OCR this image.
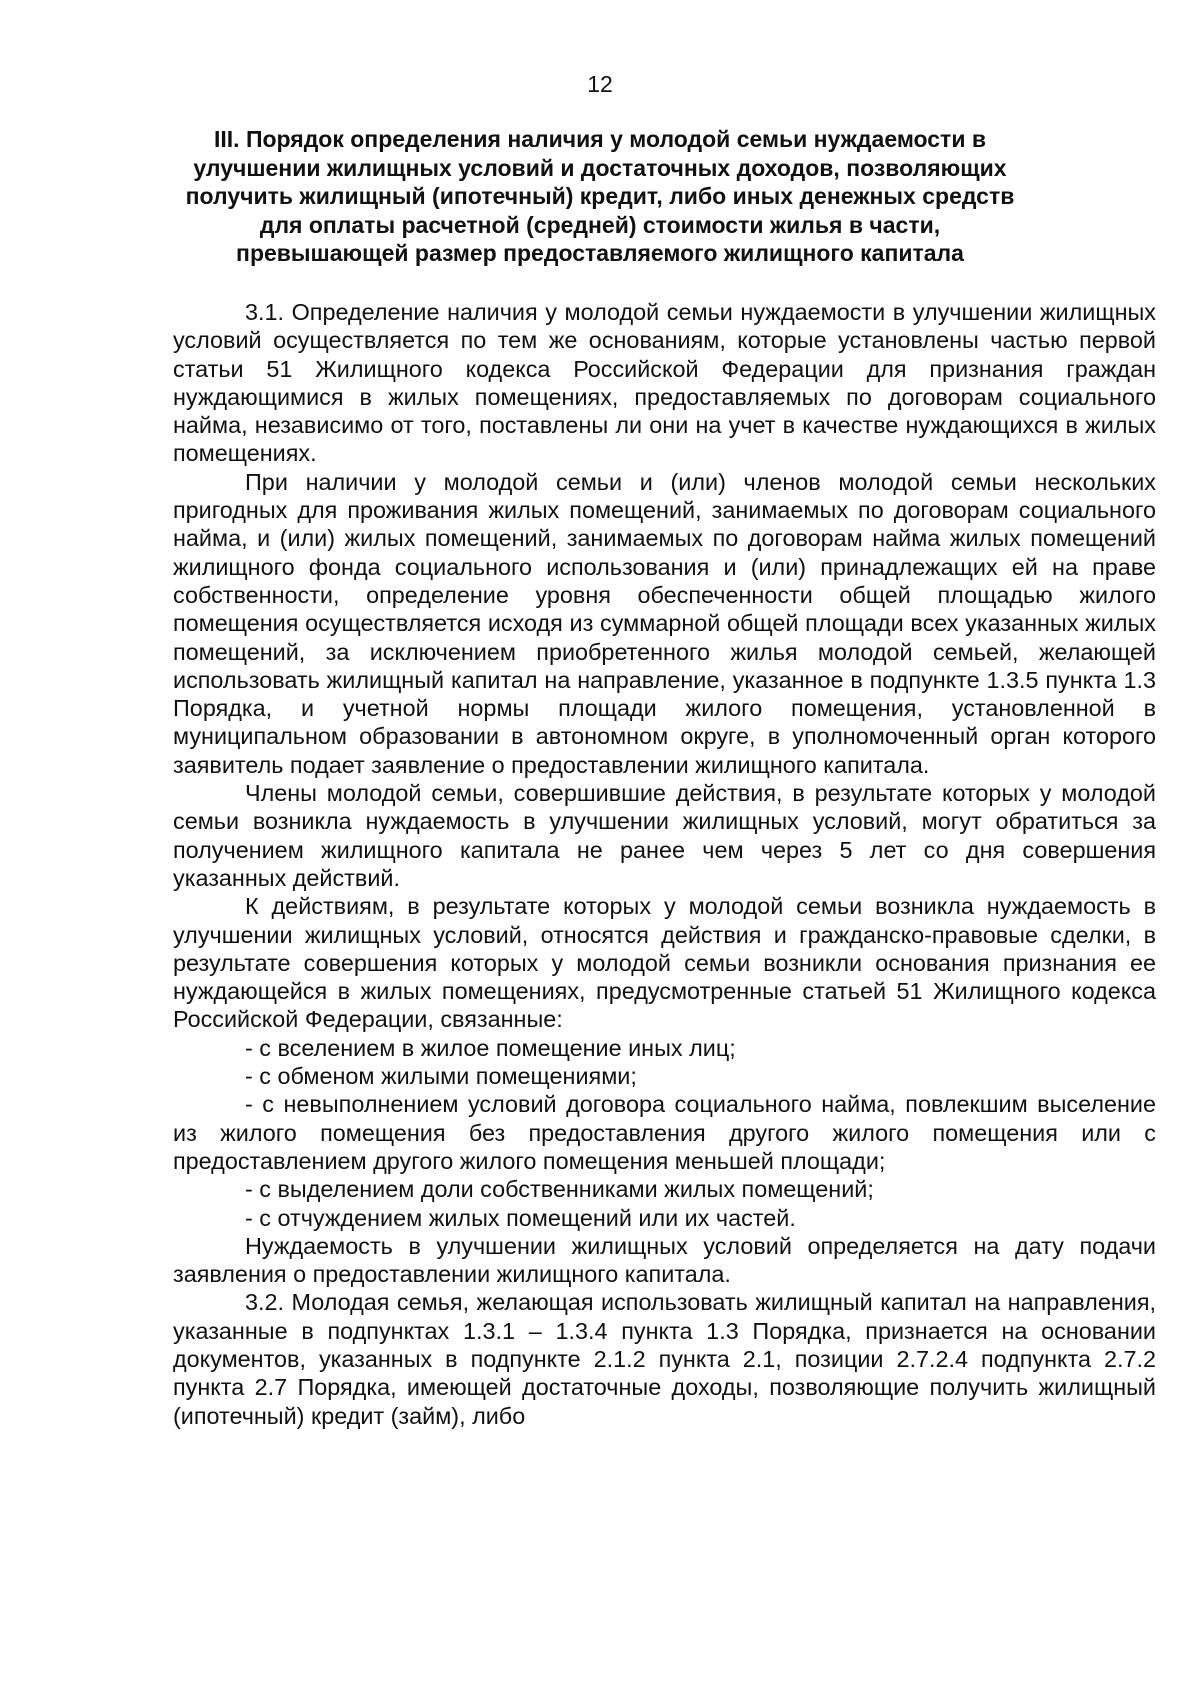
12
III. Порядок определения наличия у молодой семьи нуждаемости в
улучшении жилищных условий и достаточных доходов, позволяющих
получить жилищный (ипотечный) кредит, либо иных денежных средств
для оплаты расчетной (средней) стоимости жилья в части,
превышающей размер предоставляемого жилищного капитала

3.1. Определение наличия у молодой семьи нуждаемости в улучшении жилищных условий осуществляется по тем же основаниям, которые установлены частью первой статьи 51 Жилищного кодекса Российской Федерации для признания граждан нуждающимися в жилых помещениях, предоставляемых по договорам социального найма, независимо от того, поставлены ли они на учет в качестве нуждающихся в жилых помещениях.

При наличии у молодой семьи и (или) членов молодой семьи нескольких пригодных для проживания жилых помещений, занимаемых по договорам социального найма, и (или) жилых помещений, занимаемых по договорам найма жилых помещений жилищного фонда социального использования и (или) принадлежащих ей на праве собственности, определение уровня обеспеченности общей площадью жилого помещения осуществляется исходя из суммарной общей площади всех указанных жилых помещений, за исключением приобретенного жилья молодой семьей, желающей использовать жилищный капитал на направление, указанное в подпункте 1.3.5 пункта 1.3 Порядка, и учетной нормы площади жилого помещения, установленной в муниципальном образовании в автономном округе, в уполномоченный орган которого заявитель подает заявление о предоставлении жилищного капитала.

Члены молодой семьи, совершившие действия, в результате которых у молодой семьи возникла нуждаемость в улучшении жилищных условий, могут обратиться за получением жилищного капитала не ранее чем через 5 лет со дня совершения указанных действий.

К действиям, в результате которых у молодой семьи возникла нуждаемость в улучшении жилищных условий, относятся действия и гражданско-правовые сделки, в результате совершения которых у молодой семьи возникли основания признания ее нуждающейся в жилых помещениях, предусмотренные статьей 51 Жилищного кодекса Российской Федерации, связанные:

- с вселением в жилое помещение иных лиц;

- с обменом жилыми помещениями;

- с невыполнением условий договора социального найма, повлекшим выселение из жилого помещения без предоставления другого жилого помещения или с предоставлением другого жилого помещения меньшей площади;

- с выделением доли собственниками жилых помещений;

- с отчуждением жилых помещений или их частей.

Нуждаемость в улучшении жилищных условий определяется на дату подачи заявления о предоставлении жилищного капитала.

3.2. Молодая семья, желающая использовать жилищный капитал на направления, указанные в подпунктах 1.3.1 – 1.3.4 пункта 1.3 Порядка, признается на основании документов, указанных в подпункте 2.1.2 пункта 2.1, позиции 2.7.2.4 подпункта 2.7.2 пункта 2.7 Порядка, имеющей достаточные доходы, позволяющие получить жилищный (ипотечный) кредит (займ), либо
